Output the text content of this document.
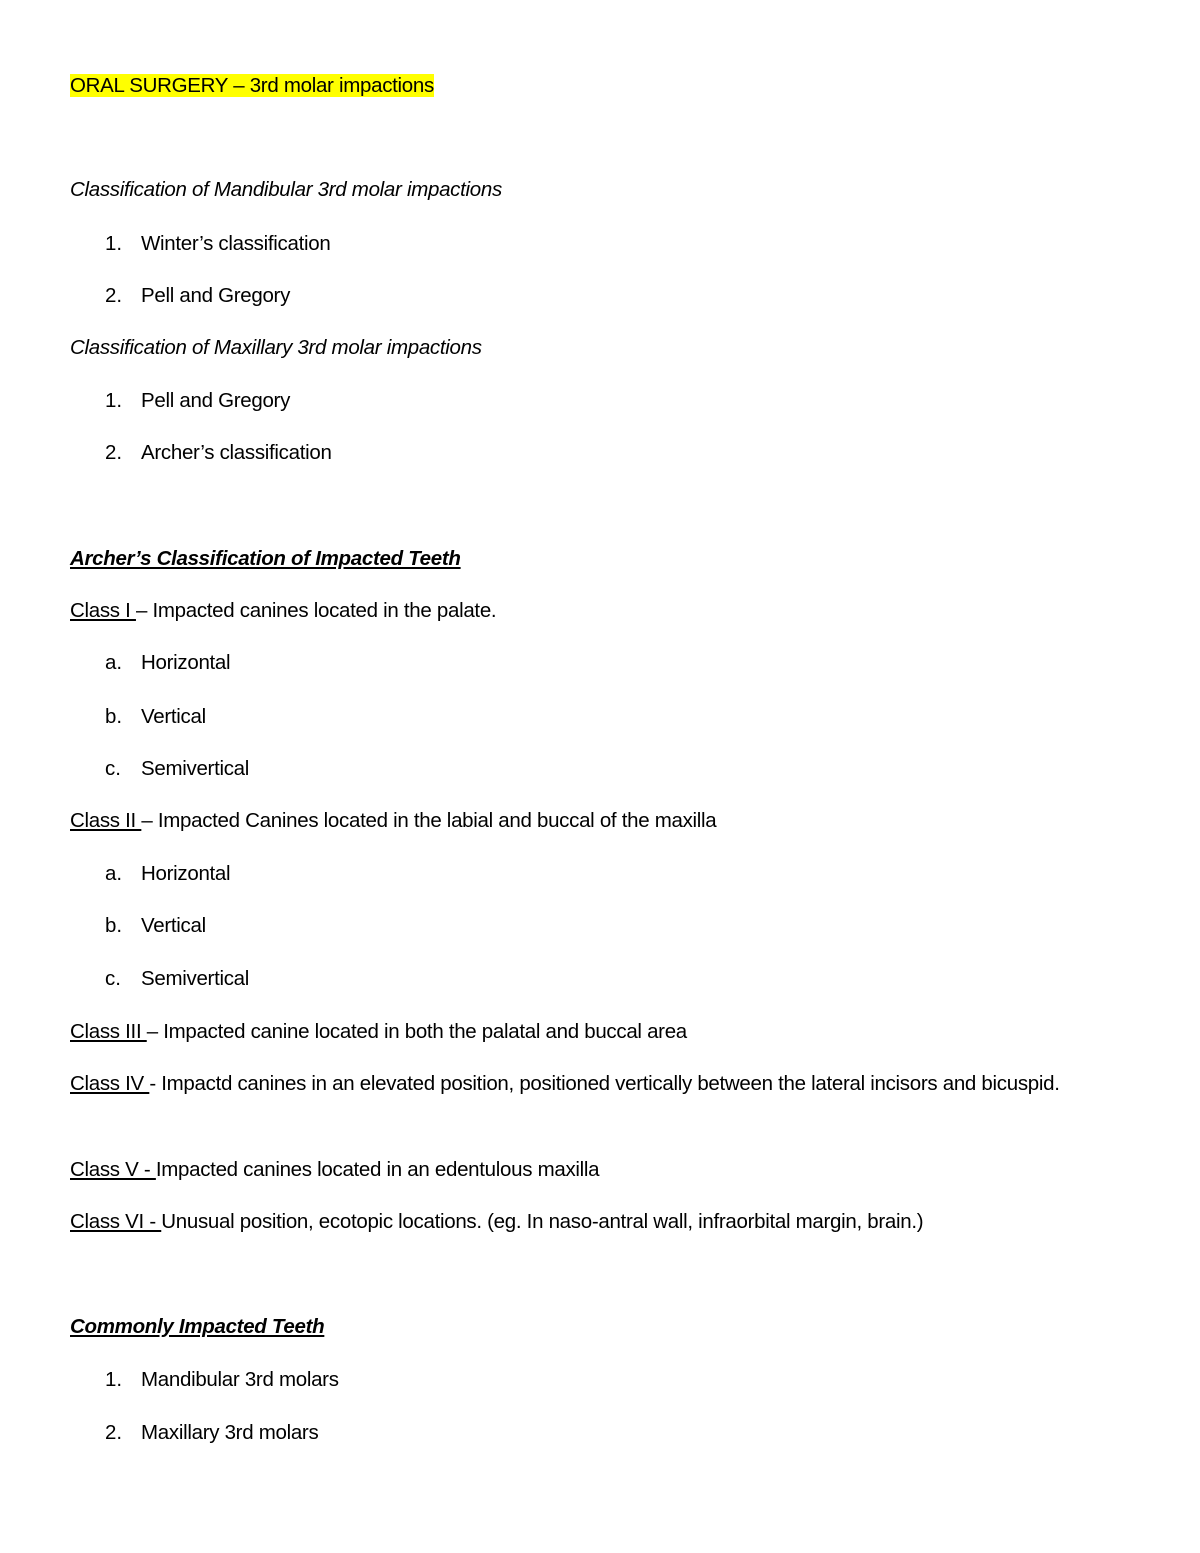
ORAL SURGERY – 3rd molar impactions
Classification of Mandibular 3rd molar impactions
1. Winter’s classification
2. Pell and Gregory
Classification of Maxillary 3rd molar impactions
1. Pell and Gregory
2. Archer’s classification
Archer’s Classification of Impacted Teeth
Class I – Impacted canines located in the palate.
a. Horizontal
b. Vertical
c. Semivertical
Class II – Impacted Canines located in the labial and buccal of the maxilla
a. Horizontal
b. Vertical
c. Semivertical
Class III – Impacted canine located in both the palatal and buccal area
Class IV - Impactd canines in an elevated position, positioned vertically between the lateral incisors and bicuspid.
Class V - Impacted canines located in an edentulous maxilla
Class VI - Unusual position, ecotopic locations. (eg. In naso-antral wall, infraorbital margin, brain.)
Commonly Impacted Teeth
1. Mandibular 3rd molars
2. Maxillary 3rd molars
